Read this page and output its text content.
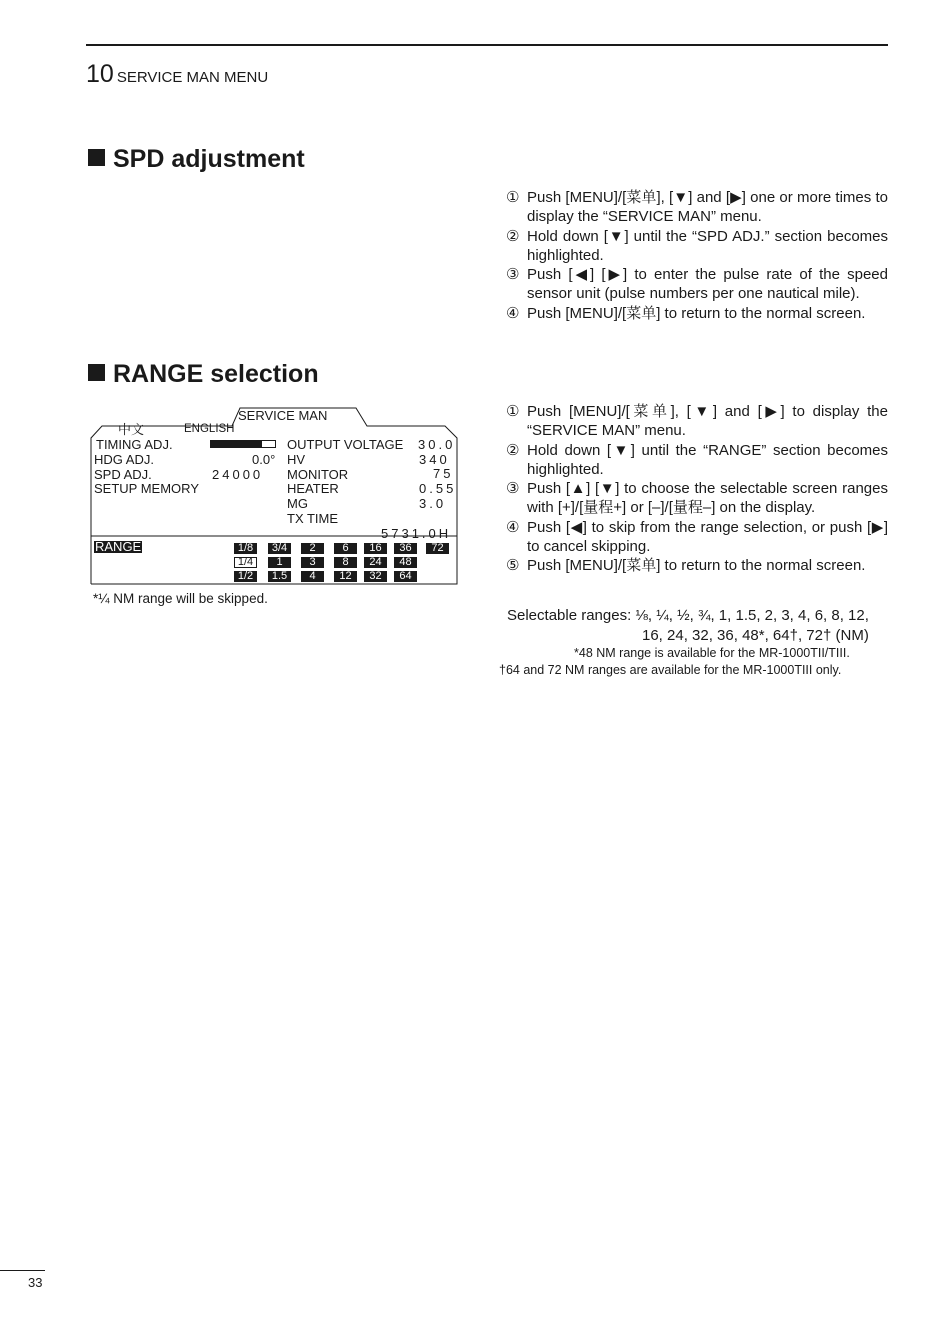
10 SERVICE MAN MENU
SPD adjustment
① Push [MENU]/[菜单], [▼] and [▶] one or more times to display the “SERVICE MAN” menu.
② Hold down [▼] until the “SPD ADJ.” section becomes highlighted.
③ Push [◀] [▶] to enter the pulse rate of the speed sensor unit (pulse numbers per one nautical mile).
④ Push [MENU]/[菜单] to return to the normal screen.
RANGE selection
① Push [MENU]/[菜单], [▼] and [▶] to display the “SERVICE MAN” menu.
② Hold down [▼] until the “RANGE” section becomes highlighted.
③ Push [▲] [▼] to choose the selectable screen ranges with [+]/[量程+] or [–]/[量程–] on the display.
④ Push [◀] to skip from the range selection, or push [▶] to cancel skipping.
⑤ Push [MENU]/[菜单] to return to the normal screen.
Selectable ranges: ⅛, ¼, ½, ¾, 1, 1.5, 2, 3, 4, 6, 8, 12,
16, 24, 32, 36, 48*, 64†, 72† (NM)
*48 NM range is available for the MR-1000TII/TIII.
†64 and 72 NM ranges are available for the MR-1000TIII only.
SERVICE MAN
中文	ENGLISH
TIMING ADJ.
HDG ADJ.	0.0°
SPD ADJ.	24000
SETUP MEMORY
OUTPUT VOLTAGE 30.0
HV	340
MONITOR	75
HEATER	0.55
MG	3.0
TX TIME
5731.0H
RANGE	1/8	3/4	2	6	16	36	72
1/4	1	3	8	24	48
1/2	1.5	4	12	32	64
*¼ NM range will be skipped.
33
